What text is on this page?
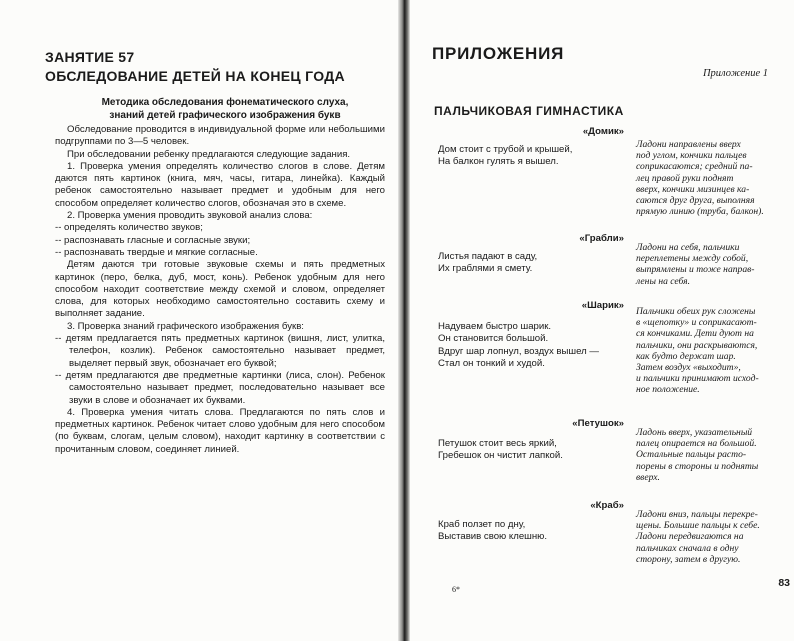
ЗАНЯТИЕ 57
ОБСЛЕДОВАНИЕ ДЕТЕЙ НА КОНЕЦ ГОДА
Методика обследования фонематического слуха,
знаний детей графического изображения букв

Обследование проводится в индивидуальной форме или небольшими подгруппами по 3—5 человек.

При обследовании ребенку предлагаются следующие задания.

1. Проверка умения определять количество слогов в слове. Детям даются пять картинок (книга, мяч, часы, гитара, линейка). Каждый ребенок самостоятельно называет предмет и удобным для него способом определяет количество слогов, обозначая это в схеме.

2. Проверка умения проводить звуковой анализ слова:

-- определять количество звуков;

-- распознавать гласные и согласные звуки;

-- распознавать твердые и мягкие согласные.

Детям даются три готовые звуковые схемы и пять предметных картинок (перо, белка, дуб, мост, конь). Ребенок удобным для него способом находит соответствие между схемой и словом, определяет слова, для которых необходимо самостоятельно составить схему и выполняет задание.

3. Проверка знаний графического изображения букв:

-- детям предлагается пять предметных картинок (вишня, лист, улитка, телефон, козлик). Ребенок самостоятельно называет предмет, выделяет первый звук, обозначает его буквой;

-- детям предлагаются две предметные картинки (лиса, слон). Ребенок самостоятельно называет предмет, последовательно называет все звуки в слове и обозначает их буквами.

4. Проверка умения читать слова. Предлагаются по пять слов и предметных картинок. Ребенок читает слово удобным для него способом (по буквам, слогам, целым словом), находит картинку в соответствии с прочитанным словом, соединяет линией.

ПРИЛОЖЕНИЯ
Приложение 1
ПАЛЬЧИКОВАЯ ГИМНАСТИКА
«Домик»
Дом стоит с трубой и крышей,
На балкон гулять я вышел.
Ладони направлены вверх
под углом, кончики пальцев
соприкасаются; средний па-
лец правой руки поднят
вверх, кончики мизинцев ка-
саются друг друга, выполняя
прямую линию (труба, балкон).
«Грабли»
Листья падают в саду,
Их граблями я смету.
Ладони на себя, пальчики
переплетены между собой,
выпрямлены и тоже направ-
лены на себя.
«Шарик»
Надуваем быстро шарик.
Он становится большой.
Вдруг шар лопнул, воздух вышел —
Стал он тонкий и худой.
Пальчики обеих рук сложены
в «щепотку» и соприкасают-
ся кончиками. Дети дуют на
пальчики, они раскрываются,
как будто держат шар.
Затем воздух «выходит»,
и пальчики принимают исход-
ное положение.
«Петушок»
Петушок стоит весь яркий,
Гребешок он чистит лапкой.
Ладонь вверх, указательный
палец опирается на большой.
Остальные пальцы расто-
порены в стороны и подняты
вверх.
«Краб»
Краб ползет по дну,
Выставив свою клешню.
Ладони вниз, пальцы перекре-
щены. Большие пальцы к себе.
Ладони передвигаются на
пальчиках сначала в одну
сторону, затем в другую.
6*
83
